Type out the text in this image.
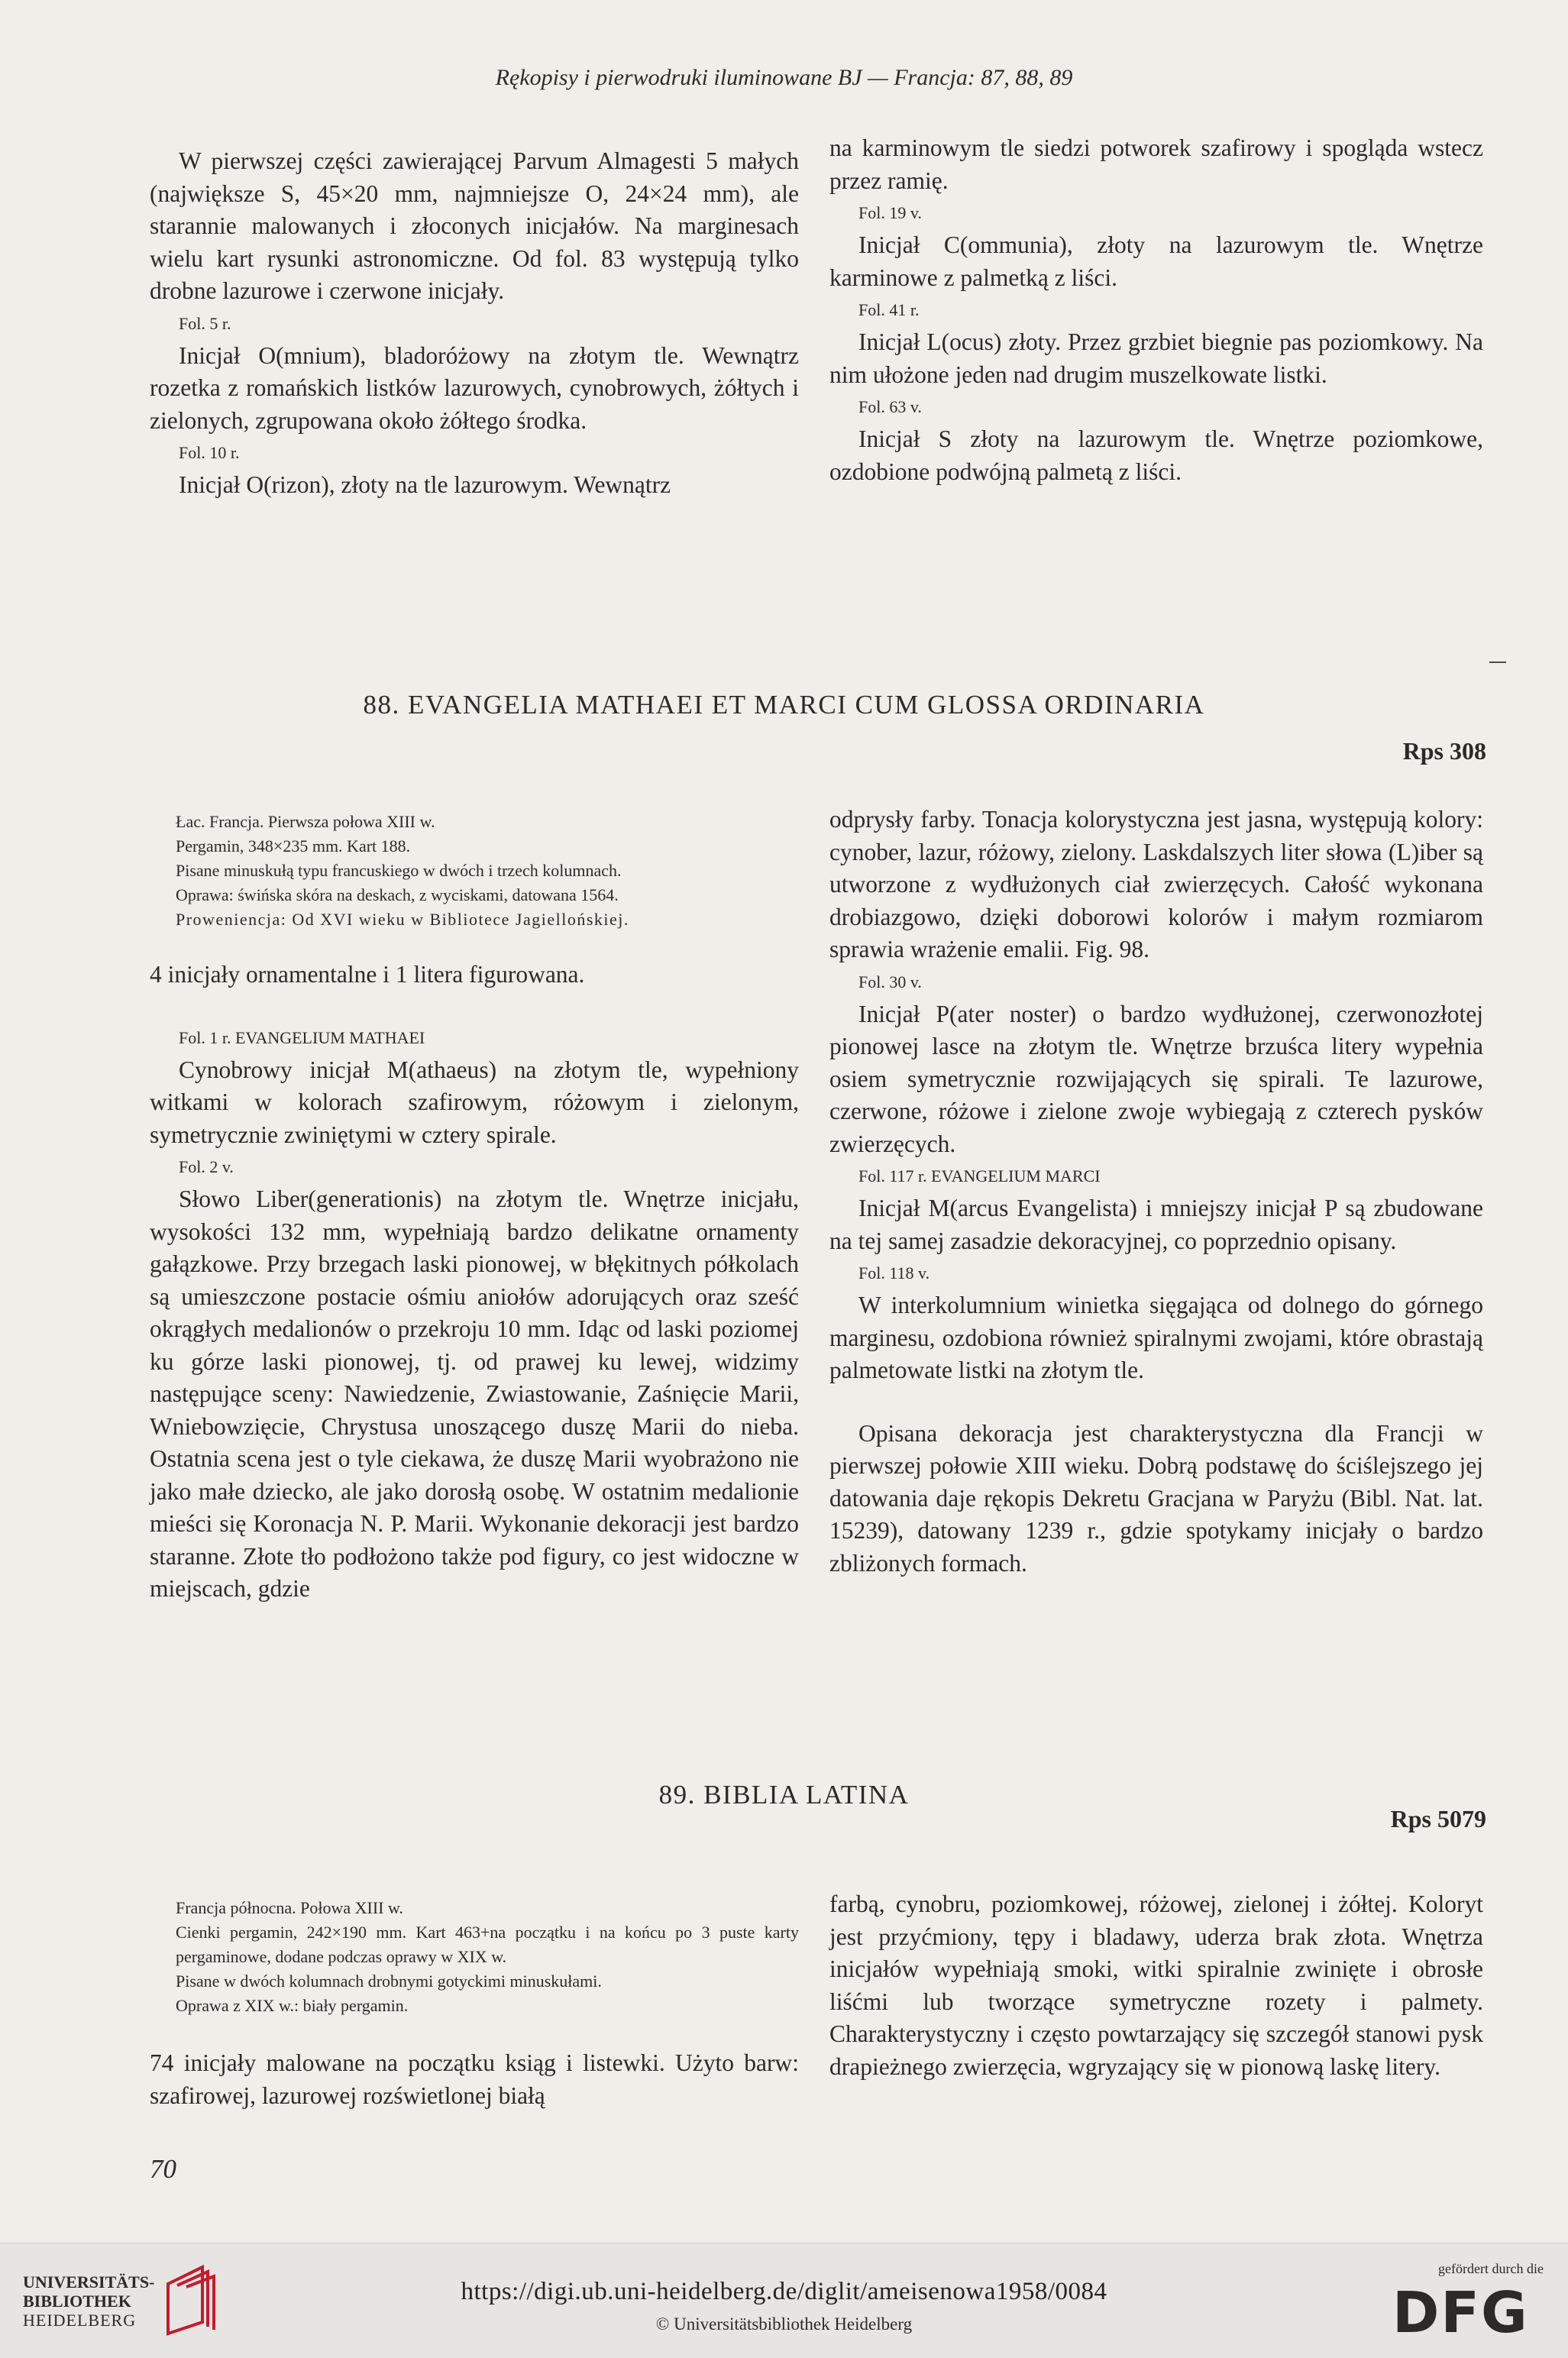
Rękopisy i pierwodruki iluminowane BJ — Francja: 87, 88, 89

W pierwszej części zawierającej Parvum Almagesti 5 małych (największe S, 45×20 mm, najmniejsze O, 24×24 mm), ale starannie malowanych i złoconych inicjałów. Na marginesach wielu kart rysunki astronomiczne. Od fol. 83 występują tylko drobne lazurowe i czerwone inicjały.

Fol. 5 r.

Inicjał O(mnium), bladoróżowy na złotym tle. Wewnątrz rozetka z romańskich listków lazurowych, cynobrowych, żółtych i zielonych, zgrupowana około żółtego środka.

Fol. 10 r.

Inicjał O(rizon), złoty na tle lazurowym. Wewnątrz

na karminowym tle siedzi potworek szafirowy i spogląda wstecz przez ramię.

Fol. 19 v.

Inicjał C(ommunia), złoty na lazurowym tle. Wnętrze karminowe z palmetką z liści.

Fol. 41 r.

Inicjał L(ocus) złoty. Przez grzbiet biegnie pas poziomkowy. Na nim ułożone jeden nad drugim muszelkowate listki.

Fol. 63 v.

Inicjał S złoty na lazurowym tle. Wnętrze poziomkowe, ozdobione podwójną palmetą z liści.

88. EVANGELIA MATHAEI ET MARCI CUM GLOSSA ORDINARIA
Rps 308
Łac. Francja. Pierwsza połowa XIII w.
Pergamin, 348×235 mm. Kart 188.
Pisane minuskułą typu francuskiego w dwóch i trzech kolumnach.
Oprawa: świńska skóra na deskach, z wyciskami, datowana 1564.
Proweniencja: Od XVI wieku w Bibliotece Jagiellońskiej.

4 inicjały ornamentalne i 1 litera figurowana.

Fol. 1 r. EVANGELIUM MATHAEI

Cynobrowy inicjał M(athaeus) na złotym tle, wypełniony witkami w kolorach szafirowym, różowym i zielonym, symetrycznie zwiniętymi w cztery spirale.

Fol. 2 v.

Słowo Liber(generationis) na złotym tle. Wnętrze inicjału, wysokości 132 mm, wypełniają bardzo delikatne ornamenty gałązkowe. Przy brzegach laski pionowej, w błękitnych półkolach są umieszczone postacie ośmiu aniołów adorujących oraz sześć okrągłych medalionów o przekroju 10 mm. Idąc od laski poziomej ku górze laski pionowej, tj. od prawej ku lewej, widzimy następujące sceny: Nawiedzenie, Zwiastowanie, Zaśnięcie Marii, Wniebowzięcie, Chrystusa unoszącego duszę Marii do nieba. Ostatnia scena jest o tyle ciekawa, że duszę Marii wyobrażono nie jako małe dziecko, ale jako dorosłą osobę. W ostatnim medalionie mieści się Koronacja N. P. Marii. Wykonanie dekoracji jest bardzo staranne. Złote tło podłożono także pod figury, co jest widoczne w miejscach, gdzie

odprysły farby. Tonacja kolorystyczna jest jasna, występują kolory: cynober, lazur, różowy, zielony. Laskdalszych liter słowa (L)iber są utworzone z wydłużonych ciał zwierzęcych. Całość wykonana drobiazgowo, dzięki doborowi kolorów i małym rozmiarom sprawia wrażenie emalii. Fig. 98.

Fol. 30 v.

Inicjał P(ater noster) o bardzo wydłużonej, czerwonozłotej pionowej lasce na złotym tle. Wnętrze brzuśca litery wypełnia osiem symetrycznie rozwijających się spirali. Te lazurowe, czerwone, różowe i zielone zwoje wybiegają z czterech pysków zwierzęcych.

Fol. 117 r. EVANGELIUM MARCI

Inicjał M(arcus Evangelista) i mniejszy inicjał P są zbudowane na tej samej zasadzie dekoracyjnej, co poprzednio opisany.

Fol. 118 v.

W interkolumnium winietka sięgająca od dolnego do górnego marginesu, ozdobiona również spiralnymi zwojami, które obrastają palmetowate listki na złotym tle.

Opisana dekoracja jest charakterystyczna dla Francji w pierwszej połowie XIII wieku. Dobrą podstawę do ściślejszego jej datowania daje rękopis Dekretu Gracjana w Paryżu (Bibl. Nat. lat. 15239), datowany 1239 r., gdzie spotykamy inicjały o bardzo zbliżonych formach.

89. BIBLIA LATINA
Rps 5079
Francja północna. Połowa XIII w.
Cienki pergamin, 242×190 mm. Kart 463+na początku i na końcu po 3 puste karty pergaminowe, dodane podczas oprawy w XIX w.
Pisane w dwóch kolumnach drobnymi gotyckimi minuskułami.
Oprawa z XIX w.: biały pergamin.

74 inicjały malowane na początku ksiąg i listewki. Użyto barw: szafirowej, lazurowej rozświetlonej białą

farbą, cynobru, poziomkowej, różowej, zielonej i żółtej. Koloryt jest przyćmiony, tępy i bladawy, uderza brak złota. Wnętrza inicjałów wypełniają smoki, witki spiralnie zwinięte i obrosłe liśćmi lub tworzące symetryczne rozety i palmety. Charakterystyczny i często powtarzający się szczegół stanowi pysk drapieżnego zwierzęcia, wgryzający się w pionową laskę litery.

70
UNIVERSITÄTS-
BIBLIOTHEK
HEIDELBERG
https://digi.ub.uni-heidelberg.de/diglit/ameisenowa1958/0084
© Universitätsbibliothek Heidelberg
gefördert durch die
DFG
